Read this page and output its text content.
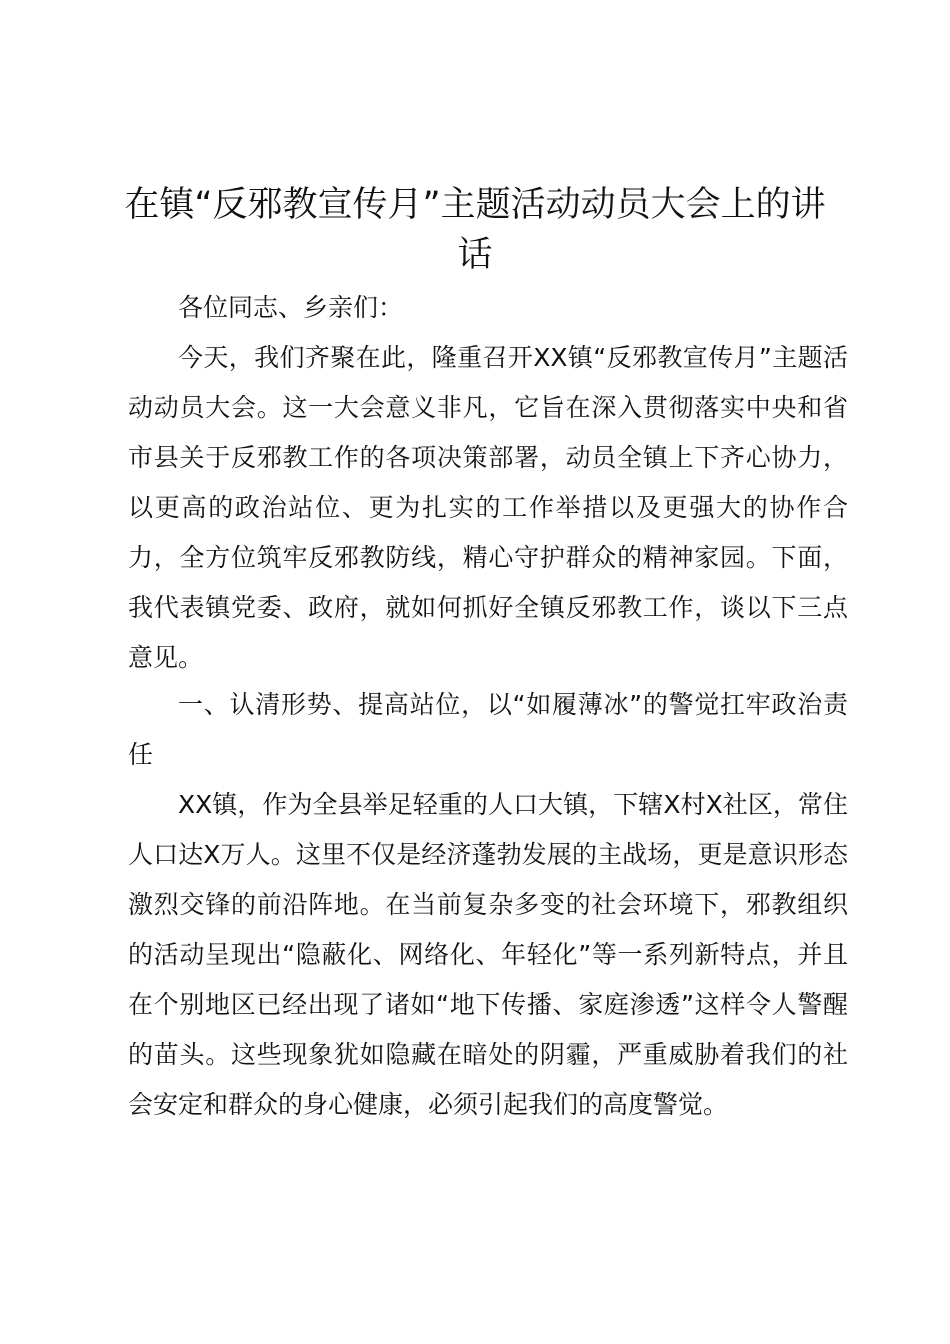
在镇“反邪教宣传月”主题活动动员大会上的讲话

各位同志、乡亲们：

今天，我们齐聚在此，隆重召开XX镇“反邪教宣传月”主题活动动员大会。这一大会意义非凡，它旨在深入贯彻落实中央和省市县关于反邪教工作的各项决策部署，动员全镇上下齐心协力，以更高的政治站位、更为扎实的工作举措以及更强大的协作合力，全方位筑牢反邪教防线，精心守护群众的精神家园。下面，我代表镇党委、政府，就如何抓好全镇反邪教工作，谈以下三点意见。

一、认清形势、提高站位，以“如履薄冰”的警觉扛牢政治责任

XX镇，作为全县举足轻重的人口大镇，下辖X村X社区，常住人口达X万人。这里不仅是经济蓬勃发展的主战场，更是意识形态激烈交锋的前沿阵地。在当前复杂多变的社会环境下，邪教组织的活动呈现出“隐蔽化、网络化、年轻化”等一系列新特点，并且在个别地区已经出现了诸如“地下传播、家庭渗透”这样令人警醒的苗头。这些现象犹如隐藏在暗处的阴霾，严重威胁着我们的社会安定和群众的身心健康，必须引起我们的高度警觉。
